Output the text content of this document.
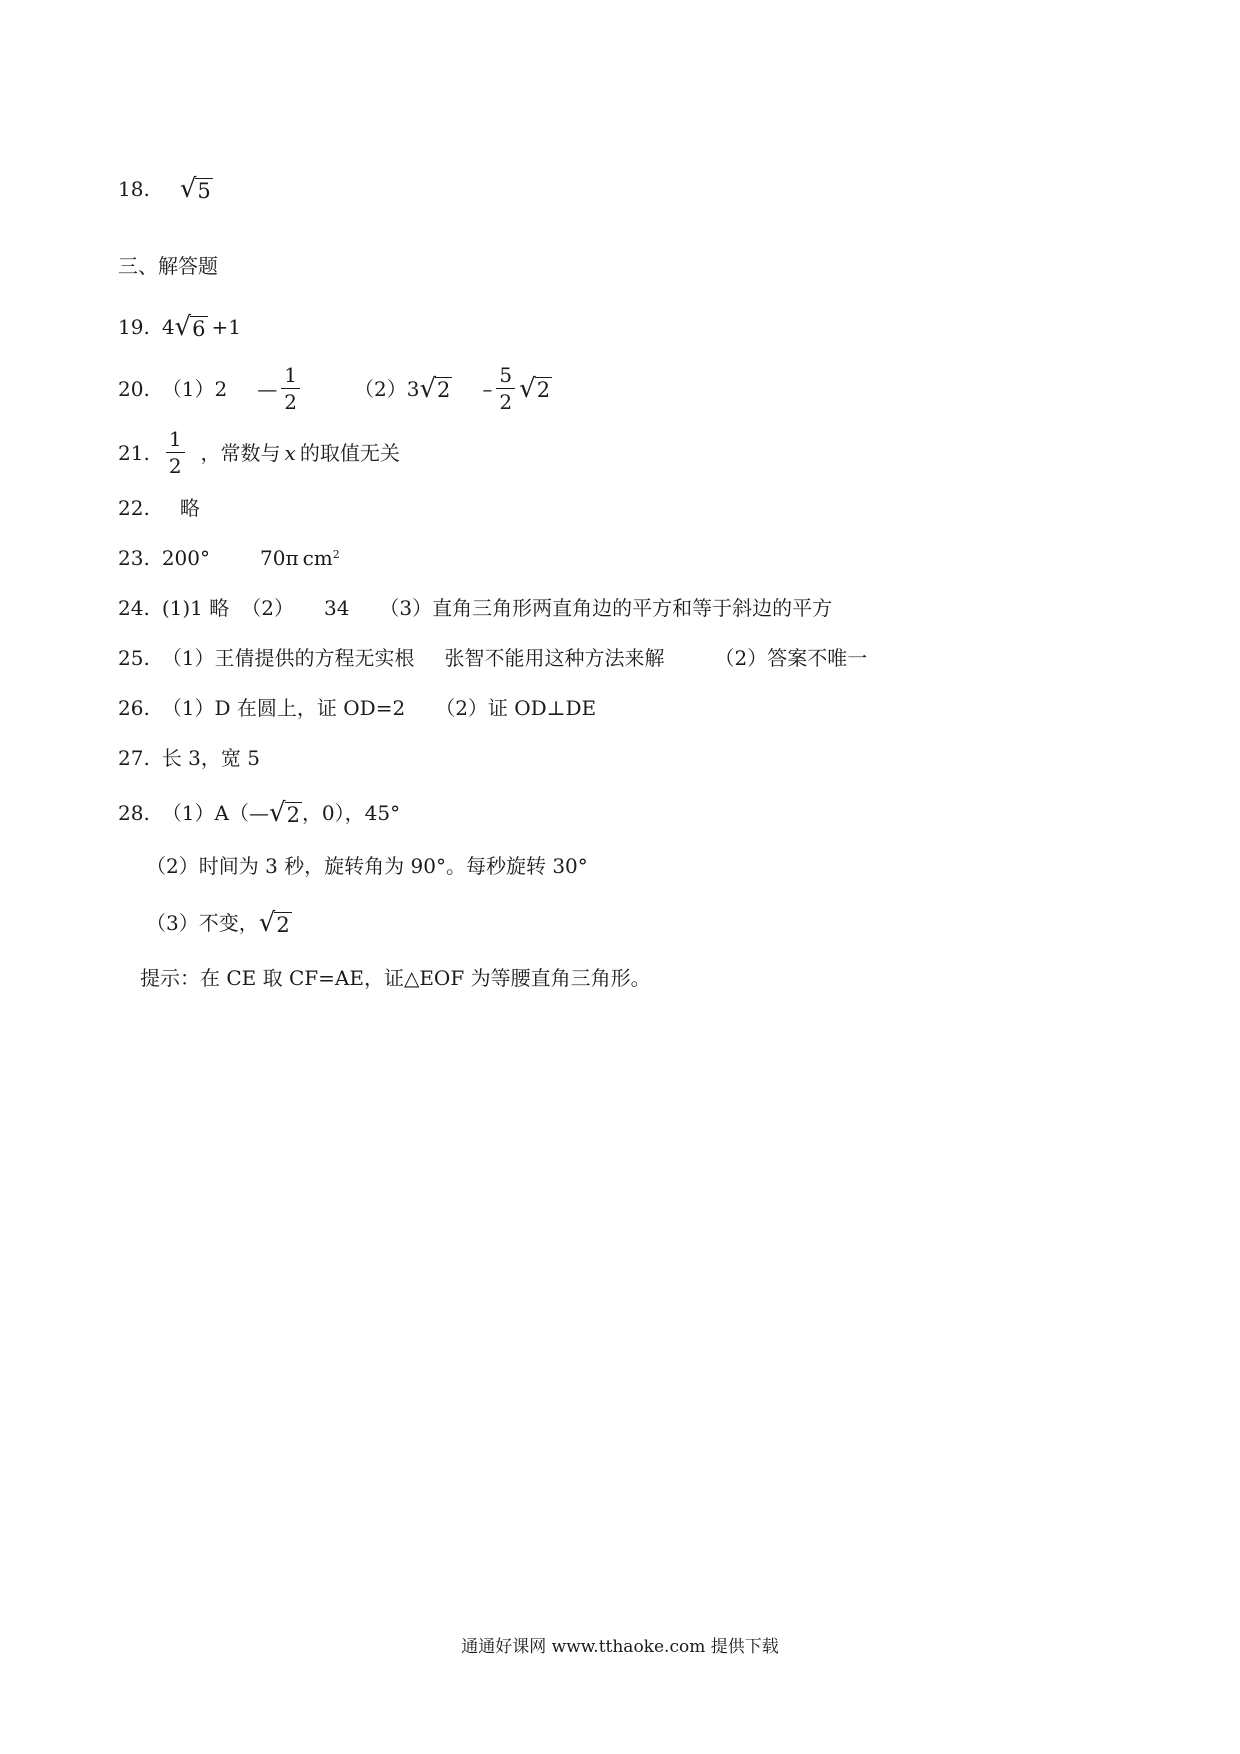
18. √ 5
三、解答题
19. 4 √ 6 +1
20. （1）2 — $\frac{1}{2}$	（2）3 √ $2 - \frac{5}{2}$ √ 2
21. $\frac{1}{2}$ ，常数与 x 的取值无关
22. 略
23. 200°	70π cm 2
24. (1)1 略 （2） 34 （3）直角三角形两直角边的平方和等于斜边的平方
25. （1）王倩提供的方程无实根 张智不能用这种方法来解	（2）答案不唯一
26. （1）D 在圆上，证 OD=2 （2）证 OD⊥DE
27. 长 3，宽 5
28. （1）A（— √ 2 ，0），45°
（2）时间为 3 秒，旋转角为 90°。每秒旋转 30°
（3）不变， √ 2
提示：在 CE 取 CF=AE，证△EOF 为等腰直角三角形。
通通好课网 www.tthaoke.com 提供下载
